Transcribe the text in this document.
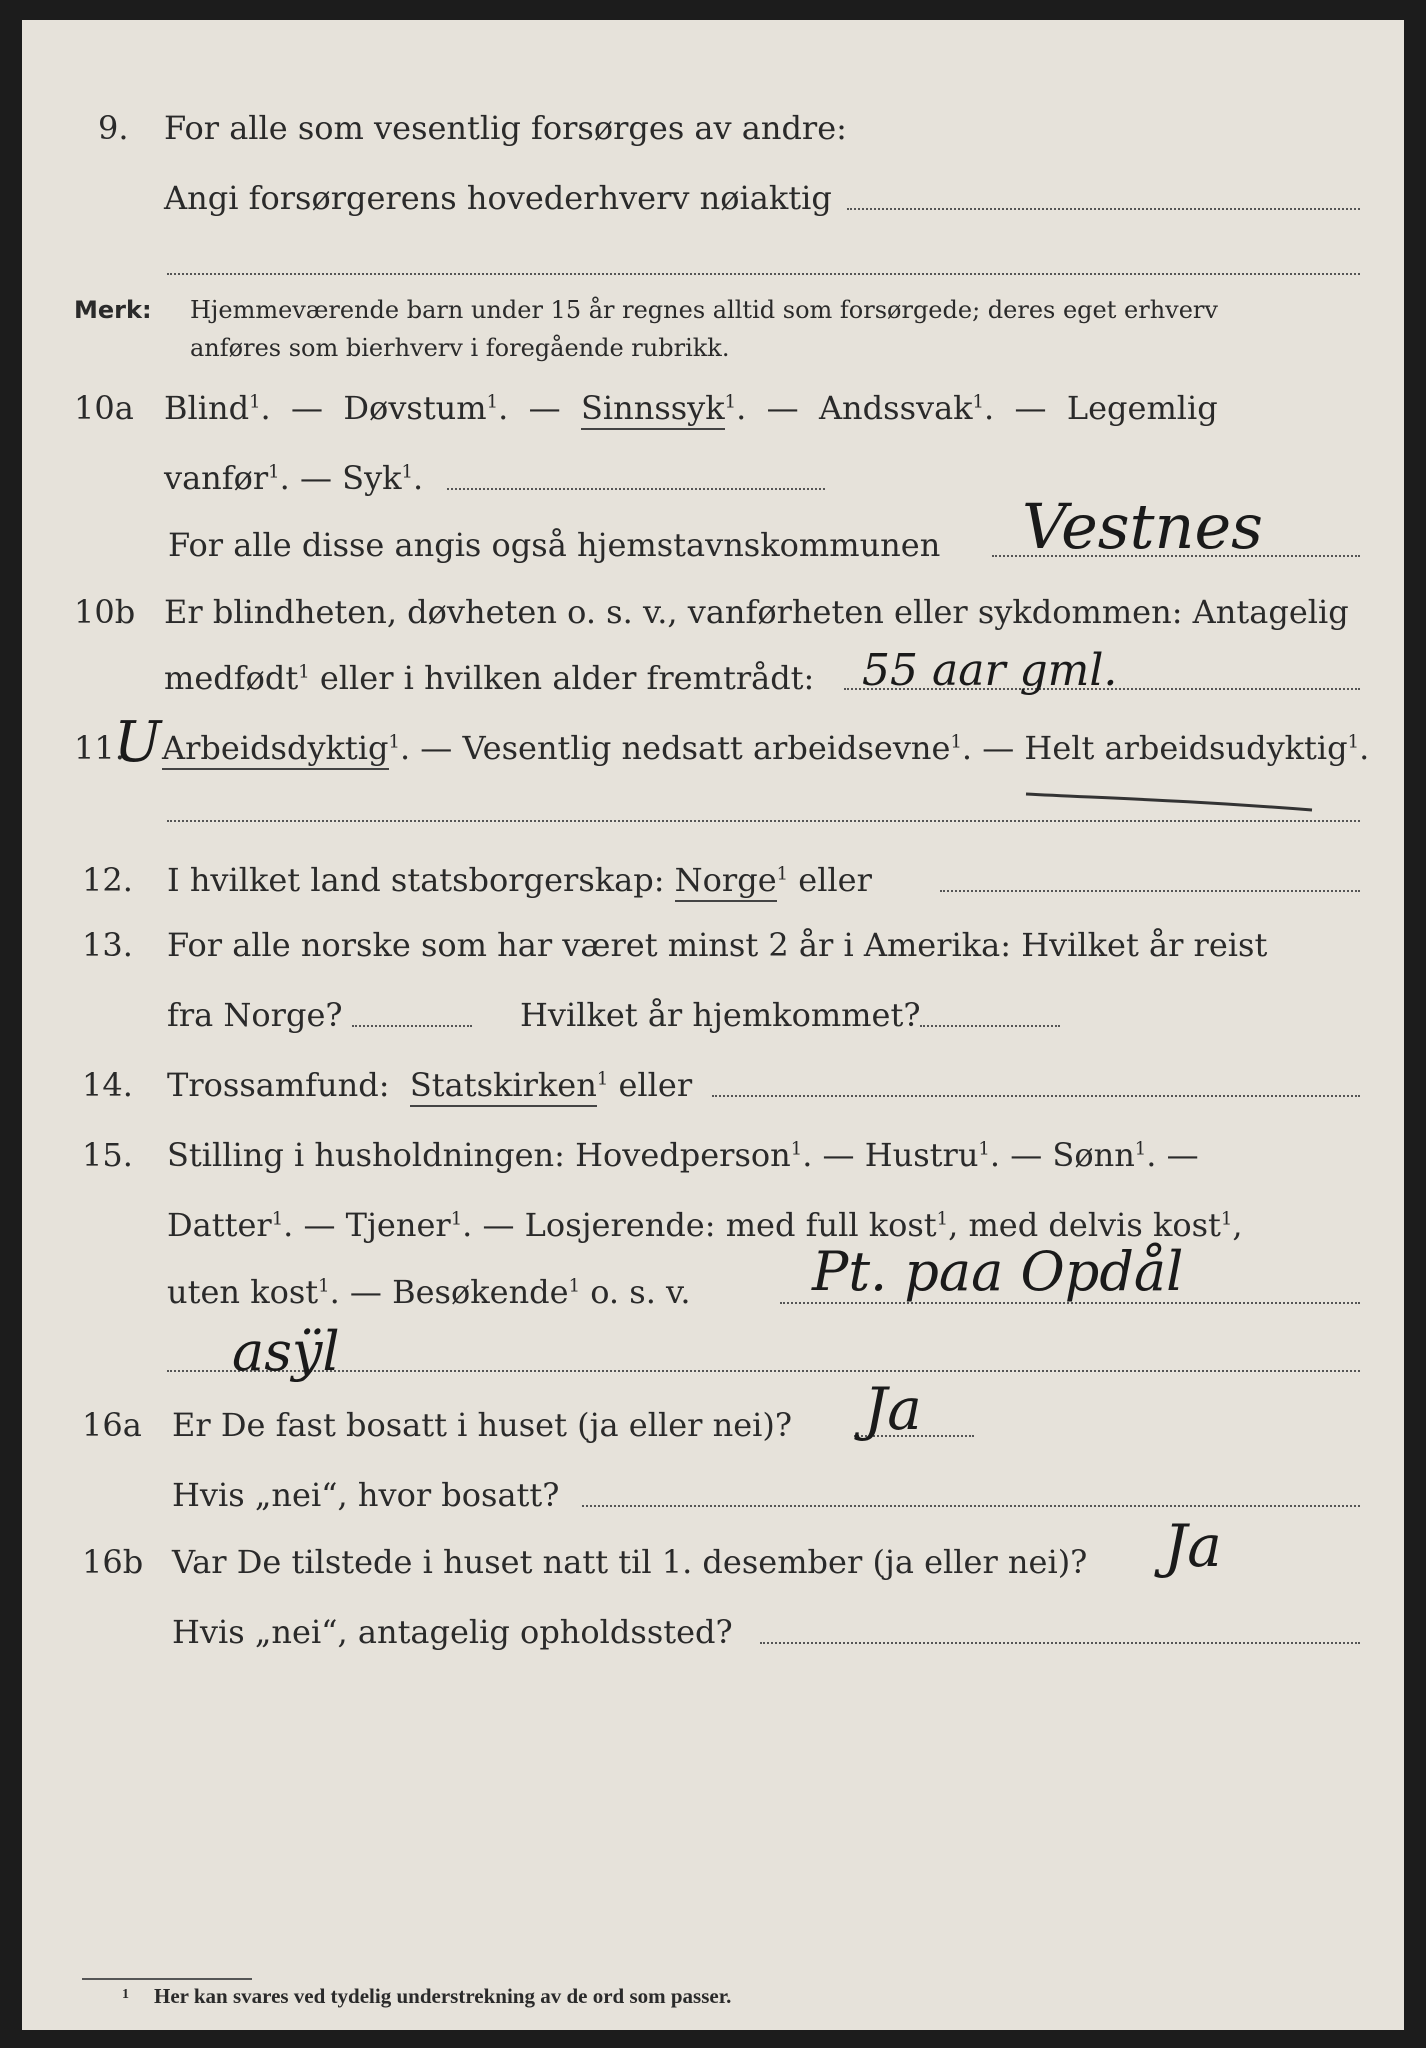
9. For alle som vesentlig forsørges av andre:
Angi forsørgerens hovederhverv nøiaktig
Merk: Hjemmeværende barn under 15 år regnes alltid som forsørgede; deres eget erhverv
anføres som bierhverv i foregående rubrikk.
10a Blind$^1$.  —  Døvstum$^1$.  —  Sinnssyk$^1$.  —  Andssvak$^1$.  —  Legemlig
vanfør$^1$. — Syk$^1$.
For alle disse angis også hjemstavnskommunen Vestnes
10b Er blindheten, døvheten o. s. v., vanførheten eller sykdommen: Antagelig
medfødt$^1$ eller i hvilken alder fremtrådt: 55 aar gml.
11.
U Arbeidsdyktig$^1$. — Vesentlig nedsatt arbeidsevne$^1$. — Helt arbeidsudyktig$^1$.
12. I hvilket land statsborgerskap: Norge$^1$ eller
13. For alle norske som har været minst 2 år i Amerika: Hvilket år reist
fra Norge?	Hvilket år hjemkommet?
14. Trossamfund: Statskirken$^1$ eller
15. Stilling i husholdningen: Hovedperson$^1$. — Hustru$^1$. — Sønn$^1$. —
Datter$^1$. — Tjener$^1$. — Losjerende: med full kost$^1$, med delvis kost$^1$,
uten kost$^1$. — Besøkende$^1$ o. s. v. Pt. paa Opdål
asÿl
16a Er De fast bosatt i huset (ja eller nei)? Ja
Hvis „nei“, hvor bosatt?
16b Var De tilstede i huset natt til 1. desember (ja eller nei)? Ja
Hvis „nei“, antagelig opholdssted?
1 Her kan svares ved tydelig understrekning av de ord som passer.
